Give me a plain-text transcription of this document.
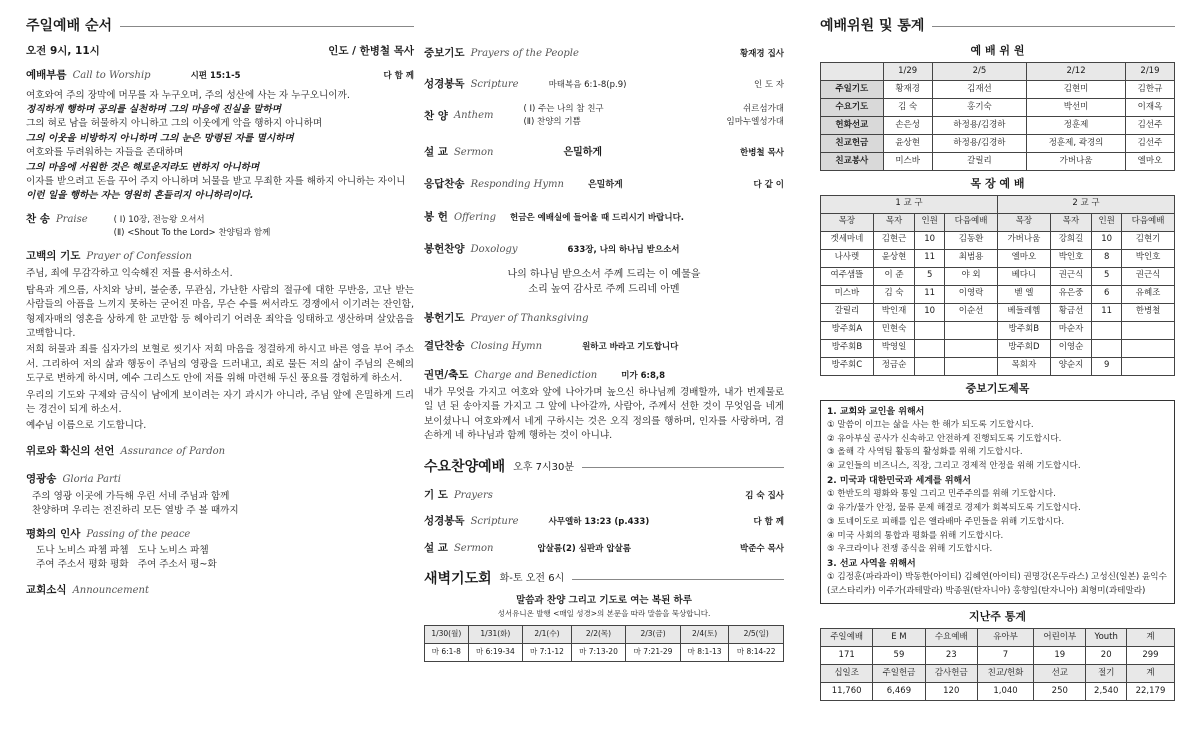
주일예배 순서
오전 9시, 11시	인도 / 한병철 목사
예배부름 Call to Worship	시편 15:1-5	다 함 께
여호와여 주의 장막에 머무를 자 누구오며, 주의 성산에 사는 자 누구오니이까.
정직하게 행하며 공의를 실천하며 그의 마음에 진실을 말하며
그의 혀로 남을 허물하지 아니하고 그의 이웃에게 악을 행하지 아니하며
그의 이웃을 비방하지 아니하며 그의 눈은 망령된 자를 멸시하며
여호와를 두려워하는 자들을 존대하며
그의 마음에 서원한 것은 해로운지라도 변하지 아니하며
이자를 받으려고 돈을 꾸어 주지 아니하며 뇌물을 받고 무죄한 자를 해하지 아니하는 자이니
이런 일을 행하는 자는 영원히 흔들리지 아니하리이다.
찬 송 Praise	( Ⅰ) 10장, 전능왕 오셔서
(Ⅱ) <Shout To the Lord> 찬양팀과 함께
고백의 기도 Prayer of Confession
주님, 죄에 무감각하고 익숙해진 저를 용서하소서.
탐욕과 게으름, 사치와 낭비, 불순종, 무관심, 가난한 사람의 절규에 대한 무반응, 고난 받는 사람들의 아픔을 느끼지 못하는 굳어진 마음, 무슨 수를 써서라도 경쟁에서 이기려는 잔인함, 형제자매의 영혼을 상하게 한 교만함 등 헤아리기 어려운 죄악을 잉태하고 생산하며 살았음을 고백합니다.
저희 허물과 죄를 십자가의 보혈로 씻기사 저희 마음을 정결하게 하시고 바른 영을 부어 주소서. 그리하여 저의 삶과 행동이 주님의 영광을 드러내고, 죄로 물든 저의 삶이 주님의 은혜의 도구로 변하게 하시며, 예수 그리스도 안에 저를 위해 마련해 두신 풍요를 경험하게 하소서.
우리의 기도와 구제와 금식이 남에게 보이려는 자기 과시가 아니라, 주님 앞에 은밀하게 드리는 경건이 되게 하소서.
예수님 이름으로 기도합니다.
위로와 확신의 선언 Assurance of Pardon
영광송 Gloria Parti
주의 영광 이곳에 가득해 우린 서네 주님과 함께
찬양하며 우리는 전진하리 모든 열방 주 볼 때까지
평화의 인사 Passing of the peace
도나 노비스 파쳄 파쳄   도나 노비스 파쳄
주여 주소서 평화 평화   주여 주소서 평~화
교회소식 Announcement
중보기도 Prayers of the People	황재경 집사
성경봉독 Scripture	마태복음 6:1-8(p.9)	인 도 자
찬 양 Anthem
( Ⅰ) 주는 나의 참 친구
(Ⅱ) 찬양의 기쁨
쉬르섬가대
임마누엘성가대
설 교 Sermon	은밀하게	한병철 목사
응답찬송 Responding Hymn	은밀하게	다 같 이
봉 헌 Offering 헌금은 예배실에 들어올 때 드리시기 바랍니다.
봉헌찬양 Doxology	633장, 나의 하나님 받으소서
나의 하나님 받으소서 주께 드리는 이 예물을
소리 높여 감사로 주께 드리네 아멘
봉헌기도 Prayer of Thanksgiving
결단찬송 Closing Hymn	원하고 바라고 기도합니다
권면/축도 Charge and Benediction	미가 6:8,8
내가 무엇을 가지고 여호와 앞에 나아가며 높으신 하나님께 경배할까, 내가 번제물로 일 년 된 송아지를 가지고 그 앞에 나아갈까, 사람아, 주께서 선한 것이 무엇임을 네게 보이셨나니 여호와께서 네게 구하시는 것은 오직 정의를 행하며, 인자를 사랑하며, 겸손하게 네 하나님과 함께 행하는 것이 아니냐.
수요찬양예배 오후 7시30분
기 도 Prayers	김 숙 집사
성경봉독 Scripture	사무엘하 13:23 (p.433)	다 함 께
설 교 Sermon	압살롬(2) 심판과 압살롬	박준수 목사
새벽기도회 화-토 오전 6시
말씀과 찬양 그리고 기도로 여는 복된 하루
성서유니온 발행 <매일 성경>의 본문을 따라 말씀을 묵상합니다.
1/30(월)	1/31(화)	2/1(수)	2/2(목)	2/3(금)	2/4(토)	2/5(일)
마 6:1-8	마 6:19-34	마 7:1-12	마 7:13-20	마 7:21-29	마 8:1-13	마 8:14-22
예배위원 및 통계
예 배 위 원
	1/29	2/5	2/12	2/19
주일기도	황재경	김재선	김현미	김한규
수요기도	김 숙	홍기숙	박선미	이재옥
헌화선교	손은성	하정용/김경하	정훈제	김선주
친교헌금	윤상현	하정용/김경하	정훈제, 곽경의	김선주
친교봉사	미스바	갈릴리	가버나움	엘마오
목 장 예 배
1 교 구				2 교 구			
목장	목자	인원	다음예배	목장	목자	인원	다음예배
겟세마네	김현근	10	김동환	가버나움	강희길	10	김현기
나사렛	윤상현	11	최범용	엘마오	박인호	8	박인호
여주샘뜰	이 준	5	야 외	베다니	권근식	5	권근식
미스바	김 숙	11	이영락	벧 엘	유은중	6	유혜조
갈릴리	박인재	10	이순선	베들레헴	황금선	11	한병철
방주회A	민현숙			방주회B	마순자		
방주회B	박영일			방주회D	이영순		
방주회C	정금순			목회자	양순지	9	
중보기도제목
1. 교회와 교인을 위해서
① 말씀이 이끄는 삶을 사는 한 해가 되도록 기도합시다.
② 유아부실 공사가 신속하고 안전하게 진행되도록 기도합시다.
③ 올해 각 사역팀 활동의 활성화를 위해 기도합시다.
④ 교인들의 비즈니스, 직장, 그리고 경제적 안정을 위해 기도합시다.
2. 미국과 대한민국과 세계를 위해서
① 한반도의 평화와 통일 그리고 민주주의를 위해 기도합시다.
② 유가/물가 안정, 물류 문제 해결로 경제가 회복되도록 기도합시다.
③ 토네이도로 피해를 입은 앨라배마 주민들을 위해 기도합시다.
④ 미국 사회의 통합과 평화를 위해 기도합시다.
⑤ 우크라이나 전쟁 종식을 위해 기도합시다.
3. 선교 사역을 위해서
① 김정훈(파라과이) 박동한(아이티) 김혜연(아이티) 권명강(온두라스) 고성신(일본) 윤익수(코스타리카) 이주가(과테말라) 박종원(탄자니아) 홍향임(탄자니아) 최형미(과테말라)
지난주 통계
주일예배	E M	수요예배	유아부	어린이부	Youth	계
171	59	23	7	19	20	299
십일조	주일헌금	감사헌금	친교/헌화	선교	절기	계
11,760	6,469	120	1,040	250	2,540	22,179
